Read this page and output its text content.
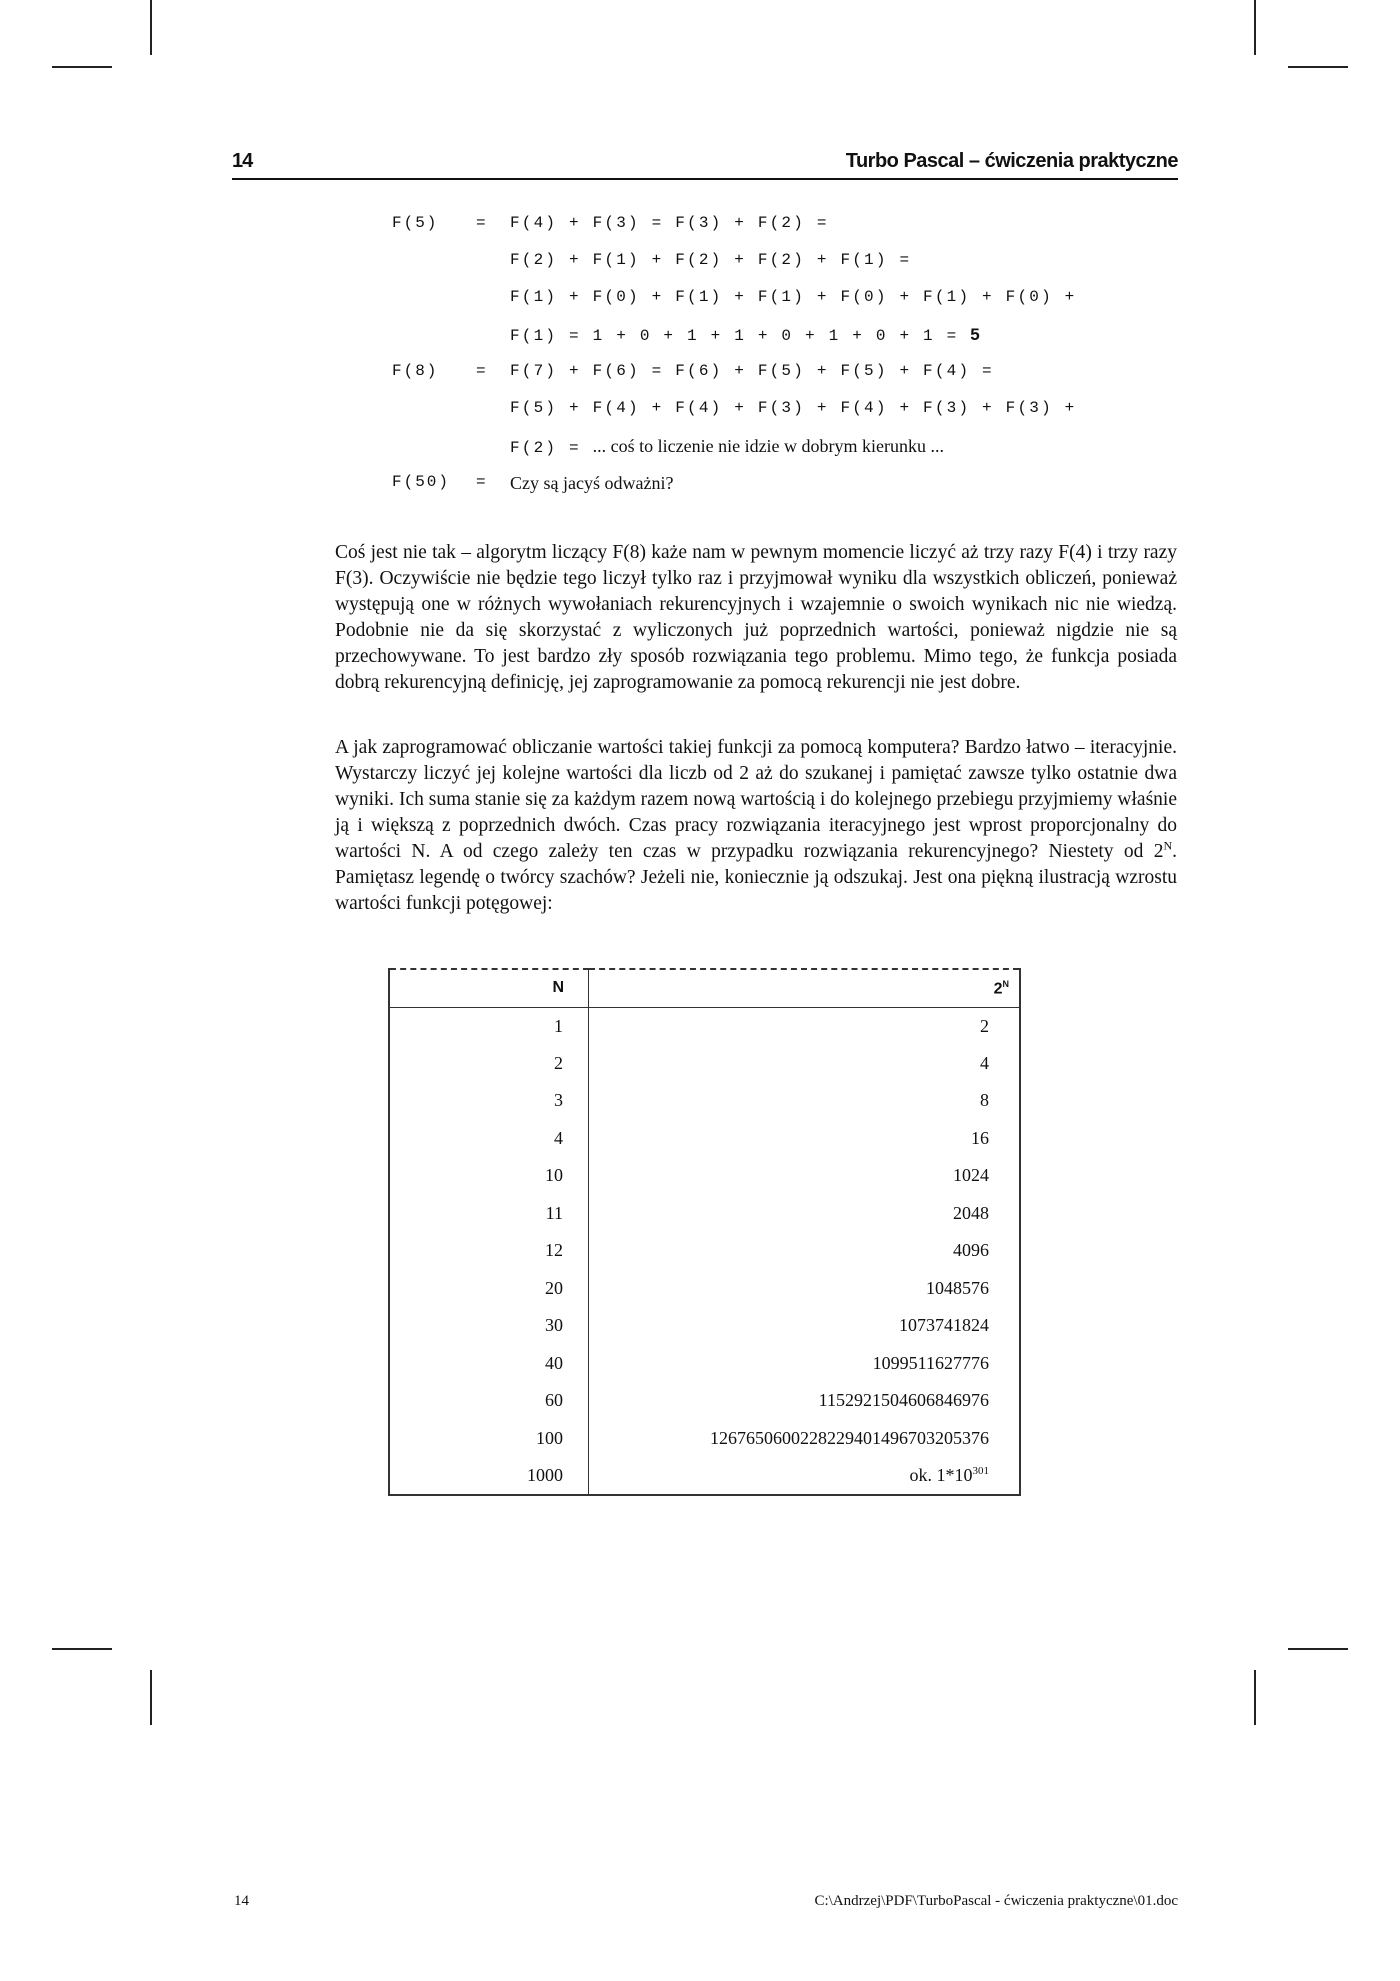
14	Turbo Pascal – ćwiczenia praktyczne
F(5) = F(4) + F(3) = F(3) + F(2) =
F(2) + F(1) + F(2) + F(2) + F(1) =
F(1) + F(0) + F(1) + F(1) + F(0) + F(1) + F(0) +
F(1) = 1 + 0 + 1 + 1 + 0 + 1 + 0 + 1 = 5
F(8) = F(7) + F(6) = F(6) + F(5) + F(5) + F(4) =
F(5) + F(4) + F(4) + F(3) + F(4) + F(3) + F(3) +
F(2) = ... coś to liczenie nie idzie w dobrym kierunku ...
F(50) = Czy są jacyś odważni?

Coś jest nie tak – algorytm liczący F(8) każe nam w pewnym momencie liczyć aż trzy razy F(4) i trzy razy F(3). Oczywiście nie będzie tego liczył tylko raz i przyjmował wyniku dla wszystkich obliczeń, ponieważ występują one w różnych wywołaniach rekurencyjnych i wzajemnie o swoich wynikach nic nie wiedzą. Podobnie nie da się skorzystać z wyliczonych już poprzednich wartości, ponieważ nigdzie nie są przechowywane. To jest bardzo zły sposób rozwiązania tego problemu. Mimo tego, że funkcja posiada dobrą rekurencyjną definicję, jej zaprogramowanie za pomocą rekurencji nie jest dobre.

A jak zaprogramować obliczanie wartości takiej funkcji za pomocą komputera? Bardzo łatwo – iteracyjnie. Wystarczy liczyć jej kolejne wartości dla liczb od 2 aż do szukanej i pamiętać zawsze tylko ostatnie dwa wyniki. Ich suma stanie się za każdym razem nową wartością i do kolejnego przebiegu przyjmiemy właśnie ją i większą z poprzednich dwóch. Czas pracy rozwiązania iteracyjnego jest wprost proporcjonalny do wartości N. A od czego zależy ten czas w przypadku rozwiązania rekurencyjnego? Niestety od $2^N$. Pamiętasz legendę o twórcy szachów? Jeżeli nie, koniecznie ją odszukaj. Jest ona piękną ilustracją wzrostu wartości funkcji potęgowej:

N	$2^N$
1	2
2	4
3	8
4	16
10	1024
11	2048
12	4096
20	1048576
30	1073741824
40	1099511627776
60	1152921504606846976
100	1267650600228229401496703205376
1000	ok. $1*10^{301}$
14	C:\Andrzej\PDF\TurboPascal - ćwiczenia praktyczne\01.doc
